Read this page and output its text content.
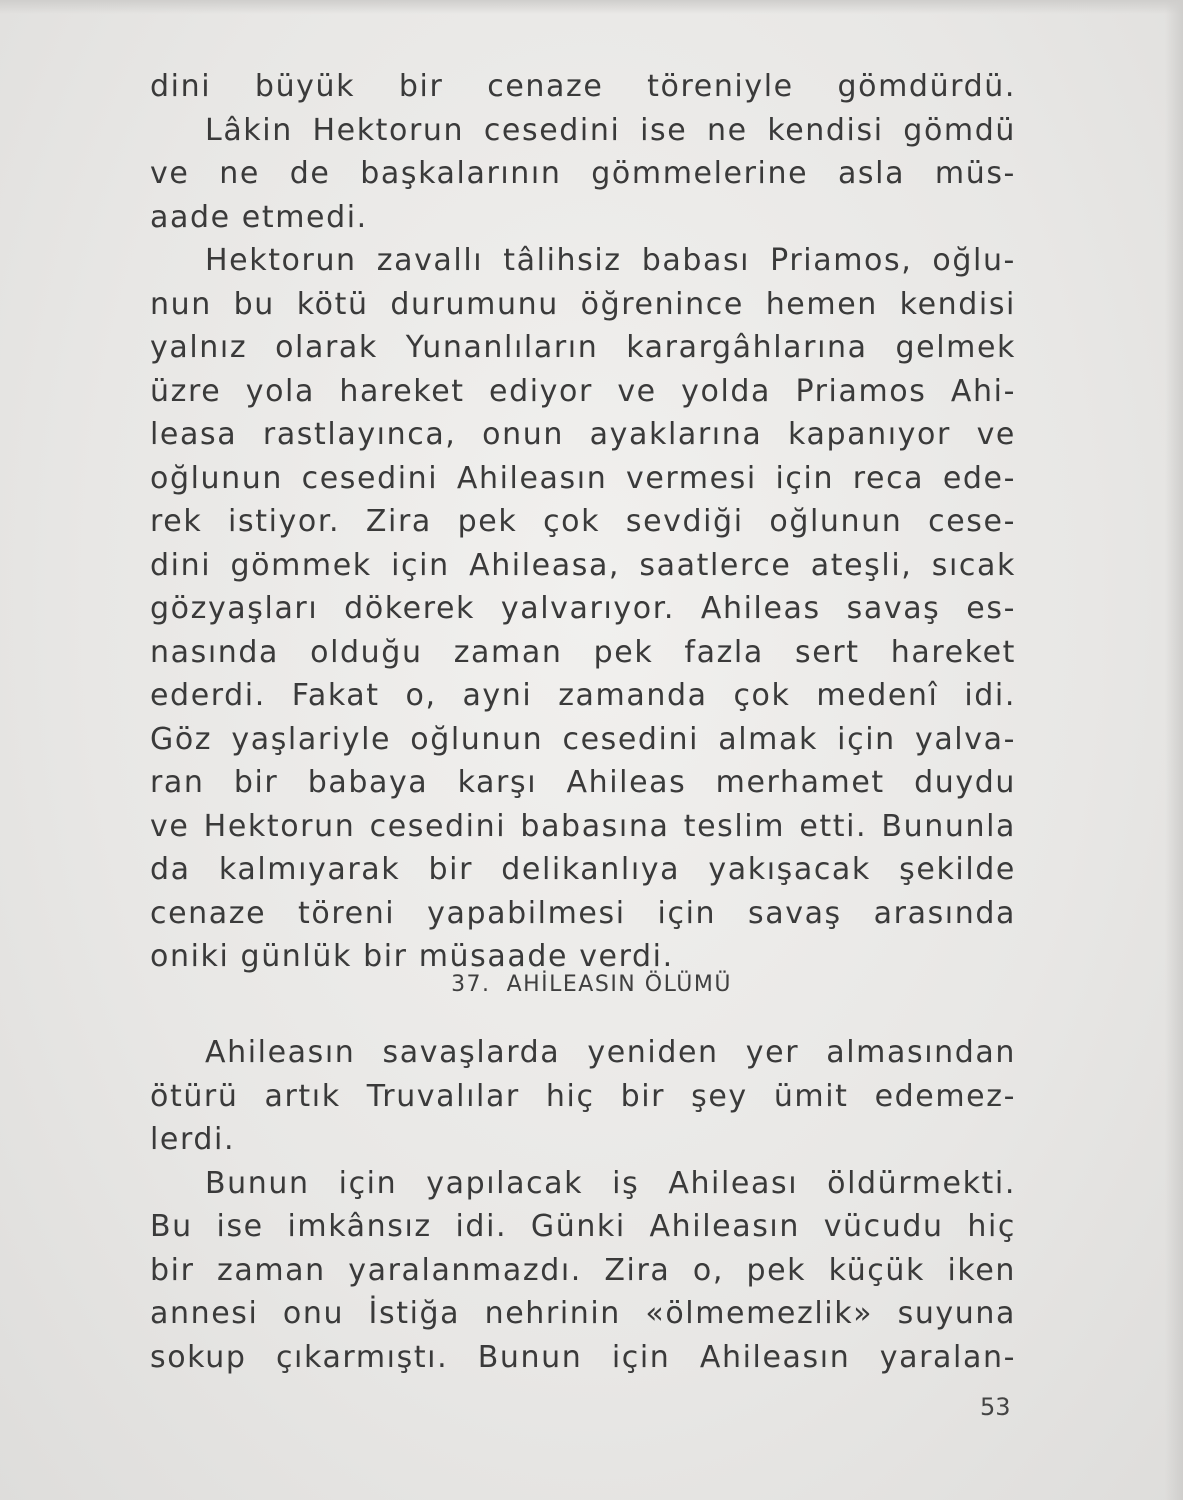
dini büyük bir cenaze töreniyle gömdürdü.
Lâkin Hektorun cesedini ise ne kendisi gömdü
ve ne de başkalarının gömmelerine asla müs-
aade etmedi.
Hektorun zavallı tâlihsiz babası Priamos, oğlu-
nun bu kötü durumunu öğrenince hemen kendisi
yalnız olarak Yunanlıların karargâhlarına gelmek
üzre yola hareket ediyor ve yolda Priamos Ahi-
leasa rastlayınca, onun ayaklarına kapanıyor ve
oğlunun cesedini Ahileasın vermesi için reca ede-
rek istiyor. Zira pek çok sevdiği oğlunun cese-
dini gömmek için Ahileasa, saatlerce ateşli, sıcak
gözyaşları dökerek yalvarıyor. Ahileas savaş es-
nasında olduğu zaman pek fazla sert hareket
ederdi. Fakat o, ayni zamanda çok medenî idi.
Göz yaşlariyle oğlunun cesedini almak için yalva-
ran bir babaya karşı Ahileas merhamet duydu
ve Hektorun cesedini babasına teslim etti. Bununla
da kalmıyarak bir delikanlıya yakışacak şekilde
cenaze töreni yapabilmesi için savaş arasında
oniki günlük bir müsaade verdi.
37. AHİLEASIN ÖLÜMÜ
Ahileasın savaşlarda yeniden yer almasından
ötürü artık Truvalılar hiç bir şey ümit edemez-
lerdi.
Bunun için yapılacak iş Ahileası öldürmekti.
Bu ise imkânsız idi. Günki Ahileasın vücudu hiç
bir zaman yaralanmazdı. Zira o, pek küçük iken
annesi onu İstiğa nehrinin «ölmemezlik» suyuna
sokup çıkarmıştı. Bunun için Ahileasın yaralan-
53
